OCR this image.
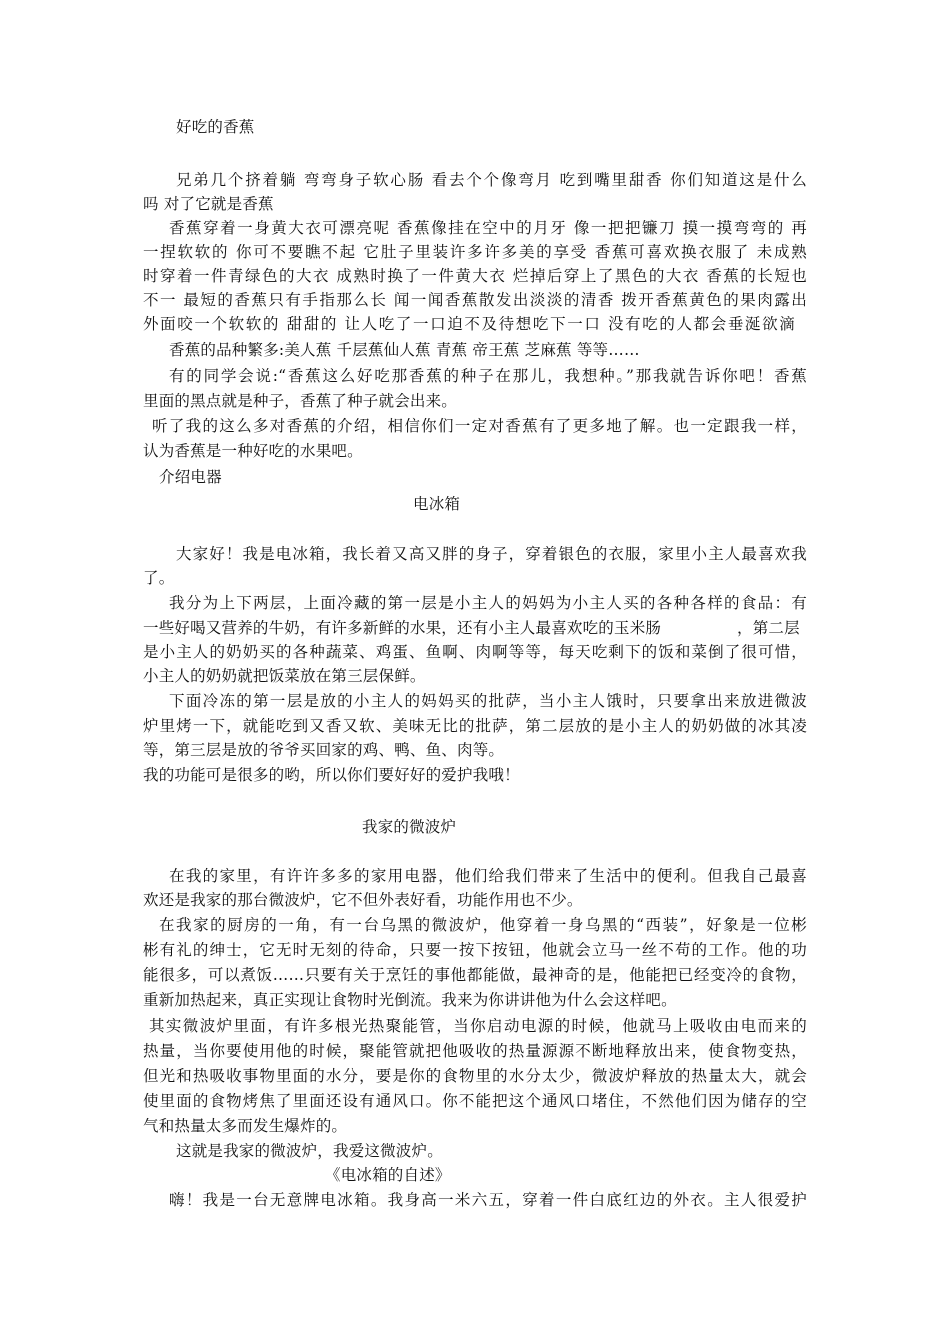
好吃的香蕉
兄弟几个挤着躺 弯弯身子软心肠 看去个个像弯月 吃到嘴里甜香 你们知道这是什么
吗 对了它就是香蕉
香蕉穿着一身黄大衣可漂亮呢 香蕉像挂在空中的月牙 像一把把镰刀 摸一摸弯弯的 再
一捏软软的 你可不要瞧不起 它肚子里装许多许多美的享受 香蕉可喜欢换衣服了 未成熟
时穿着一件青绿色的大衣 成熟时换了一件黄大衣 烂掉后穿上了黑色的大衣 香蕉的长短也
不一 最短的香蕉只有手指那么长 闻一闻香蕉散发出淡淡的清香 拨开香蕉黄色的果肉露出
外面咬一个软软的 甜甜的 让人吃了一口迫不及待想吃下一口 没有吃的人都会垂涎欲滴
香蕉的品种繁多:美人蕉 千层蕉仙人蕉 青蕉 帝王蕉 芝麻蕉 等等……
有的同学会说:“香蕉这么好吃那香蕉的种子在那儿，我想种。”那我就告诉你吧！香蕉
里面的黑点就是种子，香蕉了种子就会出来。
听了我的这么多对香蕉的介绍，相信你们一定对香蕉有了更多地了解。也一定跟我一样，
认为香蕉是一种好吃的水果吧。
介绍电器
电冰箱
大家好！我是电冰箱，我长着又高又胖的身子，穿着银色的衣服，家里小主人最喜欢我
了。
我分为上下两层，上面冷藏的第一层是小主人的妈妈为小主人买的各种各样的食品：有
一些好喝又营养的牛奶，有许多新鲜的水果，还有小主人最喜欢吃的玉米肠	，第二层
是小主人的奶奶买的各种蔬菜、鸡蛋、鱼啊、肉啊等等，每天吃剩下的饭和菜倒了很可惜，
小主人的奶奶就把饭菜放在第三层保鲜。
下面冷冻的第一层是放的小主人的妈妈买的批萨，当小主人饿时，只要拿出来放进微波
炉里烤一下，就能吃到又香又软、美味无比的批萨，第二层放的是小主人的奶奶做的冰其凌
等，第三层是放的爷爷买回家的鸡、鸭、鱼、肉等。
我的功能可是很多的哟，所以你们要好好的爱护我哦！
我家的微波炉
在我的家里，有许许多多的家用电器，他们给我们带来了生活中的便利。但我自己最喜
欢还是我家的那台微波炉，它不但外表好看，功能作用也不少。
在我家的厨房的一角，有一台乌黑的微波炉，他穿着一身乌黑的“西装”，好象是一位彬
彬有礼的绅士，它无时无刻的待命，只要一按下按钮，他就会立马一丝不苟的工作。他的功
能很多，可以煮饭……只要有关于烹饪的事他都能做，最神奇的是，他能把已经变冷的食物，
重新加热起来，真正实现让食物时光倒流。我来为你讲讲他为什么会这样吧。
其实微波炉里面，有许多根光热聚能管，当你启动电源的时候，他就马上吸收由电而来的
热量，当你要使用他的时候，聚能管就把他吸收的热量源源不断地释放出来，使食物变热，
但光和热吸收事物里面的水分，要是你的食物里的水分太少，微波炉释放的热量太大，就会
使里面的食物烤焦了里面还设有通风口。你不能把这个通风口堵住，不然他们因为储存的空
气和热量太多而发生爆炸的。
这就是我家的微波炉，我爱这微波炉。
《电冰箱的自述》
嗨！我是一台无意牌电冰箱。我身高一米六五，穿着一件白底红边的外衣。主人很爱护
